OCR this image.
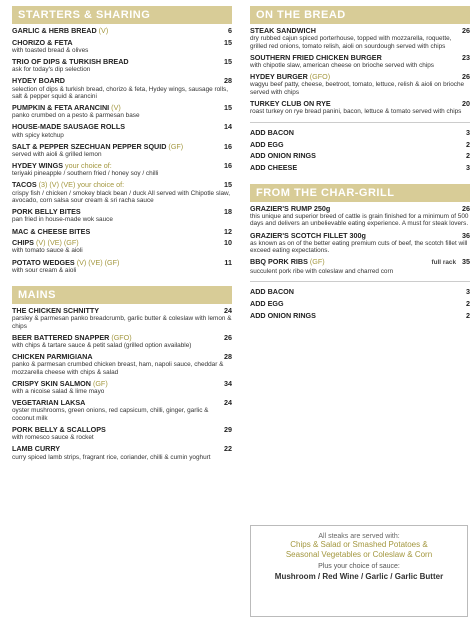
STARTERS & SHARING
GARLIC & HERB BREAD (V)	6
CHORIZO & FETA	15
with toasted bread & olives
TRIO OF DIPS & TURKISH BREAD	15
ask for today's dip selection
HYDEY BOARD	28
selection of dips & turkish bread, chorizo & feta, Hydey wings, sausage rolls, salt & pepper squid & arancini
PUMPKIN & FETA ARANCINI (V)	15
panko crumbed on a pesto & parmesan base
HOUSE-MADE SAUSAGE ROLLS	14
with spicy ketchup
SALT & PEPPER SZECHUAN PEPPER SQUID (GF)	16
served with aioli & grilled lemon
HYDEY WINGS your choice of:	16
teriyaki pineapple / southern fried / honey soy / chilli
TACOS (3) (V) (VE) your choice of:	15
crispy fish / chicken / smokey black bean / duck All served with Chipotle slaw, avocado, corn salsa sour cream & sri racha sauce
PORK BELLY BITES	18
pan fried in house-made wok sauce
MAC & CHEESE BITES	12
CHIPS (V) (VE) (GF)	10
with tomato sauce & aioli
POTATO WEDGES (V) (VE) (GF)	11
with sour cream & aioli
MAINS
THE CHICKEN SCHNITTY	24
parsley & parmesan panko breadcrumb, garlic butter & coleslaw with lemon & chips
BEER BATTERED SNAPPER (GFO)	26
with chips & tartare sauce & petit salad (grilled option available)
CHICKEN PARMIGIANA	28
panko & parmesan crumbed chicken breast, ham, napoli sauce, cheddar & mozzarella cheese with chips & salad
CRISPY SKIN SALMON (GF)	34
with a nicoise salad & lime mayo
VEGETARIAN LAKSA	24
oyster mushrooms, green onions, red capsicum, chilli, ginger, garlic & coconut milk
PORK BELLY & SCALLOPS	29
with romesco sauce & rocket
LAMB CURRY	22
curry spiced lamb strips, fragrant rice, coriander, chilli & cumin yoghurt
ON THE BREAD
STEAK SANDWICH	26
dry rubbed cajun spiced porterhouse, topped with mozzarella, roquette, grilled red onions, tomato relish, aioli on sourdough served with chips
SOUTHERN FRIED CHICKEN BURGER	23
with chipotle slaw, american cheese on brioche served with chips
HYDEY BURGER (GFO)	26
wagyu beef patty, cheese, beetroot, tomato, lettuce, relish & aioli on brioche served with chips
TURKEY CLUB ON RYE	20
roast turkey on rye bread panini, bacon, lettuce & tomato served with chips
ADD BACON	3
ADD EGG	2
ADD ONION RINGS	2
ADD CHEESE	3
FROM THE CHAR-GRILL
GRAZIER'S RUMP 250g	26
this unique and superior breed of cattle is grain finished for a minimum of 500 days and delivers an unbelievable eating experience. A must for steak lovers.
GRAZIER'S SCOTCH FILLET 300g	36
as known as on of the better eating premium cuts of beef, the scotch fillet will exceed eating expectations.
BBQ PORK RIBS (GF)	full rack 35
succulent pork ribe with coleslaw and charred corn
ADD BACON	3
ADD EGG	2
ADD ONION RINGS	2
All steaks are served with:
Chips & Salad or Smashed Potatoes &
Seasonal Vegetables or Coleslaw & Corn
Plus your choice of sauce:
Mushroom / Red Wine / Garlic / Garlic Butter
